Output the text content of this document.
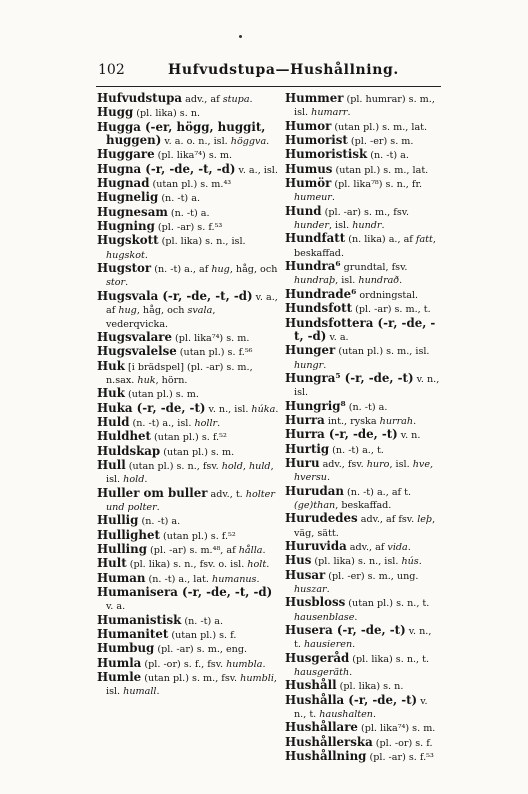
102	Hufvudstupa—Hushållning.
Hufvudstupa adv., af stupa.
Hugg (pl. lika) s. n.
Hugga (-er, högg, huggit, huggen) v. a. o. n., isl. höggva.
Huggare (pl. lika⁷⁴) s. m.
Hugna (-r, -de, -t, -d) v. a., isl.
Hugnad (utan pl.) s. m.⁴³
Hugnelig (n. -t) a.
Hugnesam (n. -t) a.
Hugning (pl. -ar) s. f.⁵³
Hugskott (pl. lika) s. n., isl. hugskot.
Hugstor (n. -t) a., af hug, håg, och stor.
Hugsvala (-r, -de, -t, -d) v. a., af hug, håg, och svala, vederqvicka.
Hugsvalare (pl. lika⁷⁴) s. m.
Hugsvalelse (utan pl.) s. f.⁵⁶
Huk [i brädspel] (pl. -ar) s. m., n.sax. huk, hörn.
Huk (utan pl.) s. m.
Huka (-r, -de, -t) v. n., isl. húka.
Huld (n. -t) a., isl. hollr.
Huldhet (utan pl.) s. f.⁵²
Huldskap (utan pl.) s. m.
Hull (utan pl.) s. n., fsv. hold, huld, isl. hold.
Huller om buller adv., t. holter und polter.
Hullig (n. -t) a.
Hullighet (utan pl.) s. f.⁵²
Hulling (pl. -ar) s. m.⁴⁸, af hålla.
Hult (pl. lika) s. n., fsv. o. isl. holt.
Human (n. -t) a., lat. humanus.
Humanisera (-r, -de, -t, -d) v. a.
Humanistisk (n. -t) a.
Humanitet (utan pl.) s. f.
Humbug (pl. -ar) s. m., eng.
Humla (pl. -or) s. f., fsv. humbla.
Humle (utan pl.) s. m., fsv. humbli, isl. humall.
Hummer (pl. humrar) s. m., isl. humarr.
Humor (utan pl.) s. m., lat.
Humorist (pl. -er) s. m.
Humoristisk (n. -t) a.
Humus (utan pl.) s. m., lat.
Humör (pl. lika⁷⁸) s. n., fr. humeur.
Hund (pl. -ar) s. m., fsv. hunder, isl. hundr.
Hundfatt (n. lika) a., af fatt, beskaffad.
Hundra⁶ grundtal, fsv. hundraþ, isl. hundrað.
Hundrade⁶ ordningstal.
Hundsfott (pl. -ar) s. m., t.
Hundsfottera (-r, -de, -t, -d) v. a.
Hunger (utan pl.) s. m., isl. hungr.
Hungra⁵ (-r, -de, -t) v. n., isl.
Hungrig⁸ (n. -t) a.
Hurra int., ryska hurrah.
Hurra (-r, -de, -t) v. n.
Hurtig (n. -t) a., t.
Huru adv., fsv. huro, isl. hve, hversu.
Hurudan (n. -t) a., af t. (ge)than, beskaffad.
Hurudedes adv., af fsv. leþ, väg, sätt.
Huruvida adv., af vida.
Hus (pl. lika) s. n., isl. hús.
Husar (pl. -er) s. m., ung. huszar.
Husbloss (utan pl.) s. n., t. hausenblase.
Husera (-r, -de, -t) v. n., t. hausieren.
Husgeråd (pl. lika) s. n., t. hausgeräth.
Hushåll (pl. lika) s. n.
Hushålla (-r, -de, -t) v. n., t. haushalten.
Hushållare (pl. lika⁷⁴) s. m.
Hushållerska (pl. -or) s. f.
Hushållning (pl. -ar) s. f.⁵³
